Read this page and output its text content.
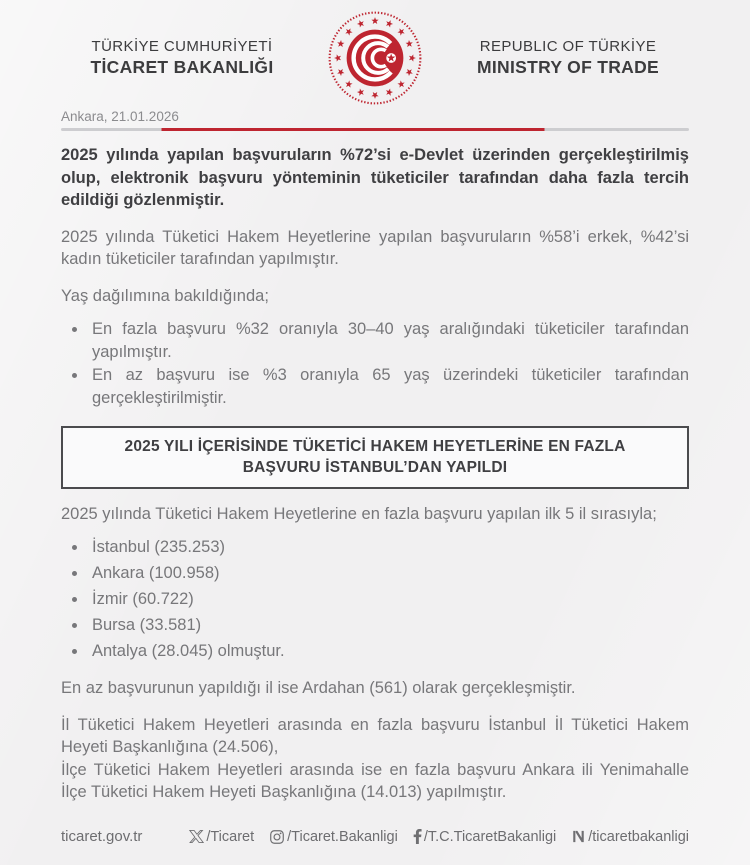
TÜRKİYE CUMHURİYETİ
TİCARET BAKANLIĞI
REPUBLIC OF TÜRKİYE
MINISTRY OF TRADE
Ankara, 21.01.2026

2025 yılında yapılan başvuruların %72’si e-Devlet üzerinden gerçekleştirilmiş olup, elektronik başvuru yönteminin tüketiciler tarafından daha fazla tercih edildiği gözlenmiştir.

2025 yılında Tüketici Hakem Heyetlerine yapılan başvuruların %58’i erkek, %42’si kadın tüketiciler tarafından yapılmıştır.

Yaş dağılımına bakıldığında;

• En fazla başvuru %32 oranıyla 30–40 yaş aralığındaki tüketiciler tarafından yapılmıştır.
• En az başvuru ise %3 oranıyla 65 yaş üzerindeki tüketiciler tarafından gerçekleştirilmiştir.
2025 YILI İÇERİSİNDE TÜKETİCİ HAKEM HEYETLERİNE EN FAZLA BAŞVURU İSTANBUL’DAN YAPILDI

2025 yılında Tüketici Hakem Heyetlerine en fazla başvuru yapılan ilk 5 il sırasıyla;

• İstanbul (235.253)
• Ankara (100.958)
• İzmir (60.722)
• Bursa (33.581)
• Antalya (28.045) olmuştur.

En az başvurunun yapıldığı il ise Ardahan (561) olarak gerçekleşmiştir.

İl Tüketici Hakem Heyetleri arasında en fazla başvuru İstanbul İl Tüketici Hakem Heyeti Başkanlığına (24.506),

İlçe Tüketici Hakem Heyetleri arasında ise en fazla başvuru Ankara ili Yenimahalle İlçe Tüketici Hakem Heyeti Başkanlığına (14.013) yapılmıştır.

ticaret.gov.tr	/Ticaret /Ticaret.Bakanligi /T.C.TicaretBakanligi /ticaretbakanligi
